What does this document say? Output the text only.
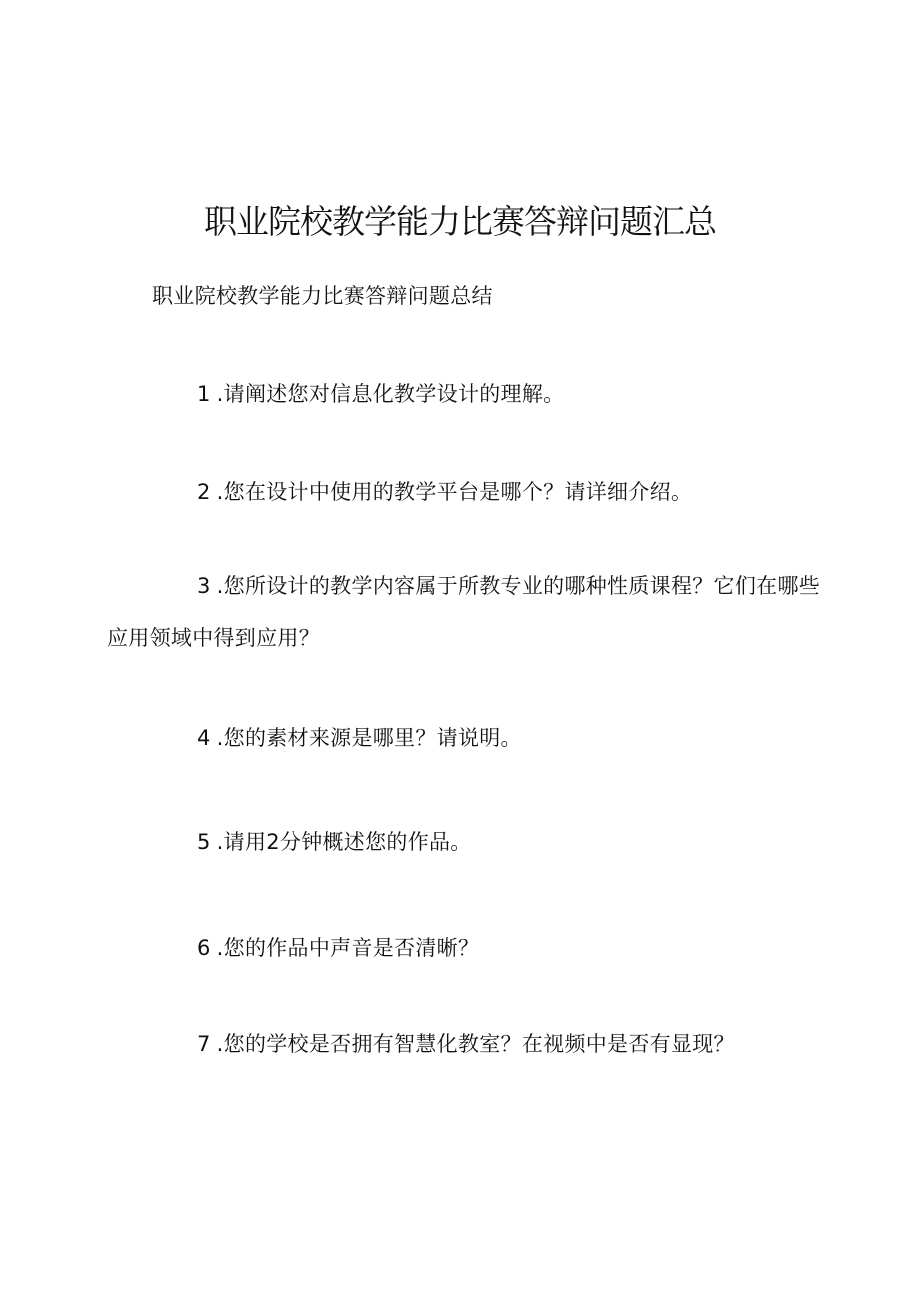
职业院校教学能力比赛答辩问题汇总

职业院校教学能力比赛答辩问题总结

1 .请阐述您对信息化教学设计的理解。

2 .您在设计中使用的教学平台是哪个？请详细介绍。

3 .您所设计的教学内容属于所教专业的哪种性质课程？它们在哪些应用领域中得到应用？

4 .您的素材来源是哪里？请说明。

5 .请用2分钟概述您的作品。

6 .您的作品中声音是否清晰？

7 .您的学校是否拥有智慧化教室？在视频中是否有显现？
